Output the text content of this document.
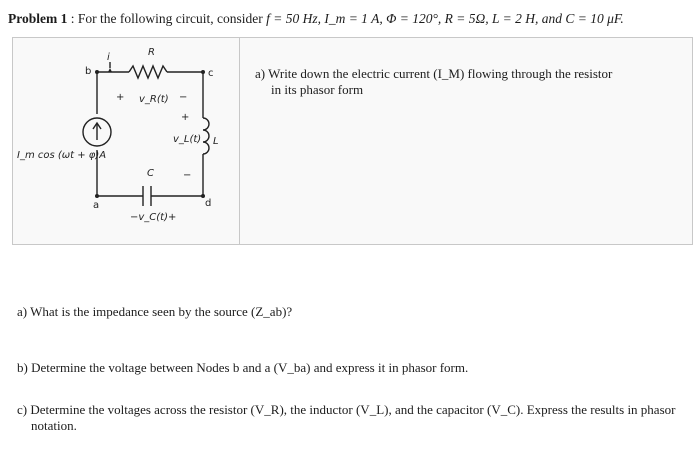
Problem 1 : For the following circuit, consider f = 50 Hz, I_m = 1 A, Φ = 120°, R = 5Ω, L = 2 H, and C = 10 μF.
R
i
b	c
a	d
+ v_R(t) −
+
v_L(t) L
−
C
−v_C(t)+
I_m cos (ωt + φ)A
a) Write down the electric current (I_M) flowing through the resistor
in its phasor form
a) What is the impedance seen by the source (Z_ab)?
b) Determine the voltage between Nodes b and a (V_ba) and express it in phasor form.
c) Determine the voltages across the resistor (V_R), the inductor (V_L), and the capacitor (V_C). Express the results in phasor
notation.
